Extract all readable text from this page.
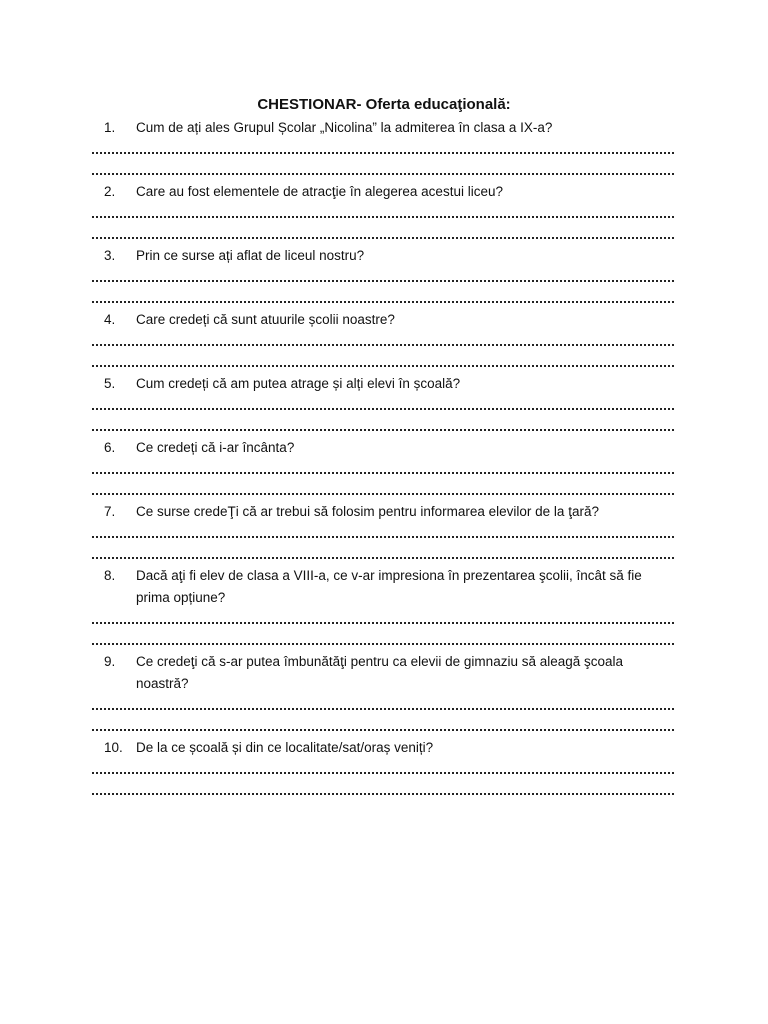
CHESTIONAR- Oferta educaţională:
1.	Cum de ați ales Grupul Școlar „Nicolina” la admiterea în clasa a IX-a?
2.	Care au fost elementele de atracţie în alegerea acestui liceu?
3.	Prin ce surse ați aflat de liceul nostru?
4.	Care credeți că sunt atuurile școlii noastre?
5.	Cum credeți că am putea atrage și alți elevi în școală?
6.	Ce credeți că i-ar încânta?
7.	Ce surse credeŢi că ar trebui să folosim pentru informarea elevilor de la ţară?
8.	Dacă aţi fi elev de clasa a VIII-a, ce v-ar impresiona în prezentarea şcolii, încât să fie prima opțiune?
9.	Ce credeţi că s-ar putea îmbunătăţi pentru ca elevii de gimnaziu să aleagă şcoala noastră?
10. De la ce școală și din ce localitate/sat/oraș veniți?
